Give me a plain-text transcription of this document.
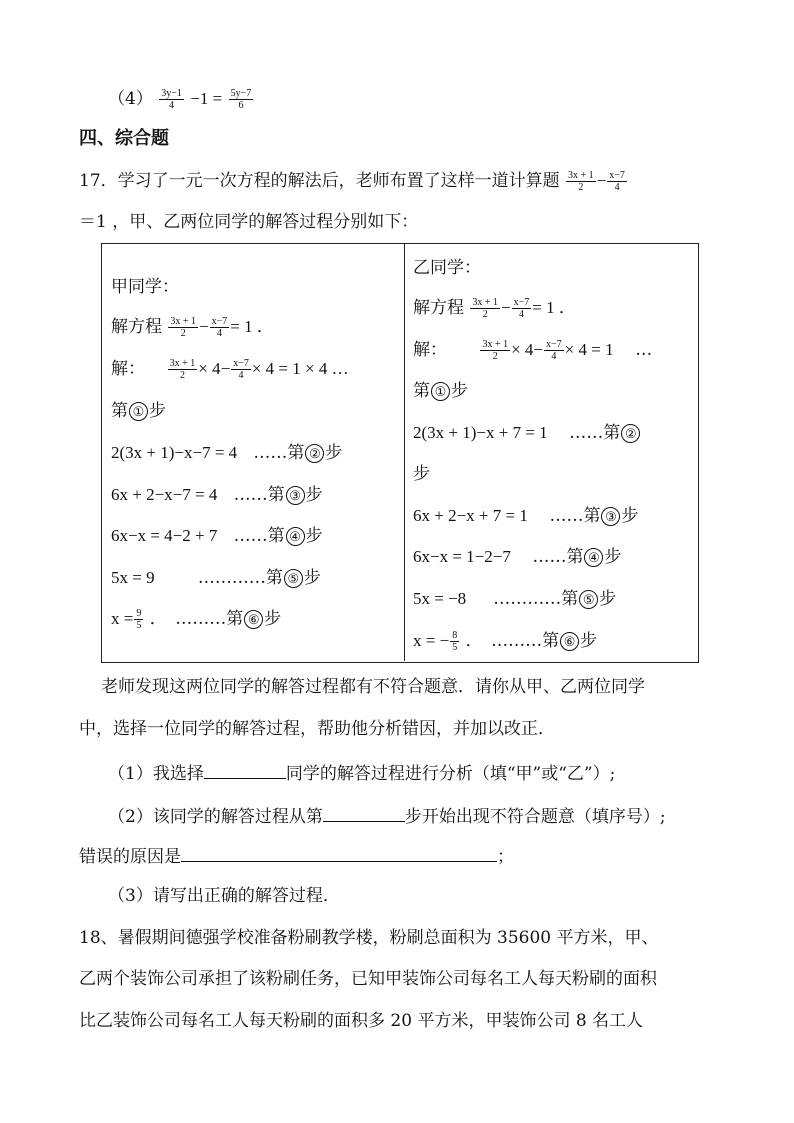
$(4) \frac{3y-1}{4} -1 = \frac{5y-7}{6}$
四、综合题
17．学习了一元一次方程的解法后，老师布置了这样一道计算题 $\frac{3x + 1}{2} - \frac{x-7}{4}$
＝1 ，甲、乙两位同学的解答过程分别如下：
甲同学：
解方程 $\frac{3x + 1}{2} - \frac{x-7}{4} = 1$ ．
解： $\frac{3x + 1}{2} \times 4- \frac{x-7}{4} \times 4 = 1 \times 4$ …
第 ① 步
2(3x + 1)−x−7 = 4 ……第 ② 步
6x + 2−x−7 = 4 ……第 ③ 步
6x−x = 4−2 + 7 ……第 ④ 步
5x = 9	…………第 ⑤ 步
$x = \frac{9}{5}$ ．　………第 ⑥ 步
乙同学：
解方程 $\frac{3x + 1}{2} - \frac{x-7}{4} = 1$ ．
解：	$\frac{3x + 1}{2} \times 4- \frac{x-7}{4} \times 4 = 1$ …
第 ① 步
2(3x + 1)−x + 7 = 1 ……第 ②
步
6x + 2−x + 7 = 1 ……第 ③ 步
6x−x = 1−2−7 ……第 ④ 步
5x = −8 …………第 ⑤ 步
x = − $\frac{8}{5}$ ．　………第 ⑥ 步
老师发现这两位同学的解答过程都有不符合题意．请你从甲、乙两位同学
中，选择一位同学的解答过程，帮助他分析错因，并加以改正．
（1）我选择	同学的解答过程进行分析（填“甲”或“乙”）;
（2）该同学的解答过程从第	步开始出现不符合题意（填序号）;
错误的原因是	；
（3）请写出正确的解答过程．
18、暑假期间德强学校准备粉刷教学楼，粉刷总面积为 35600 平方米，甲、
乙两个装饰公司承担了该粉刷任务，已知甲装饰公司每名工人每天粉刷的面积
比乙装饰公司每名工人每天粉刷的面积多 20 平方米，甲装饰公司 8 名工人
